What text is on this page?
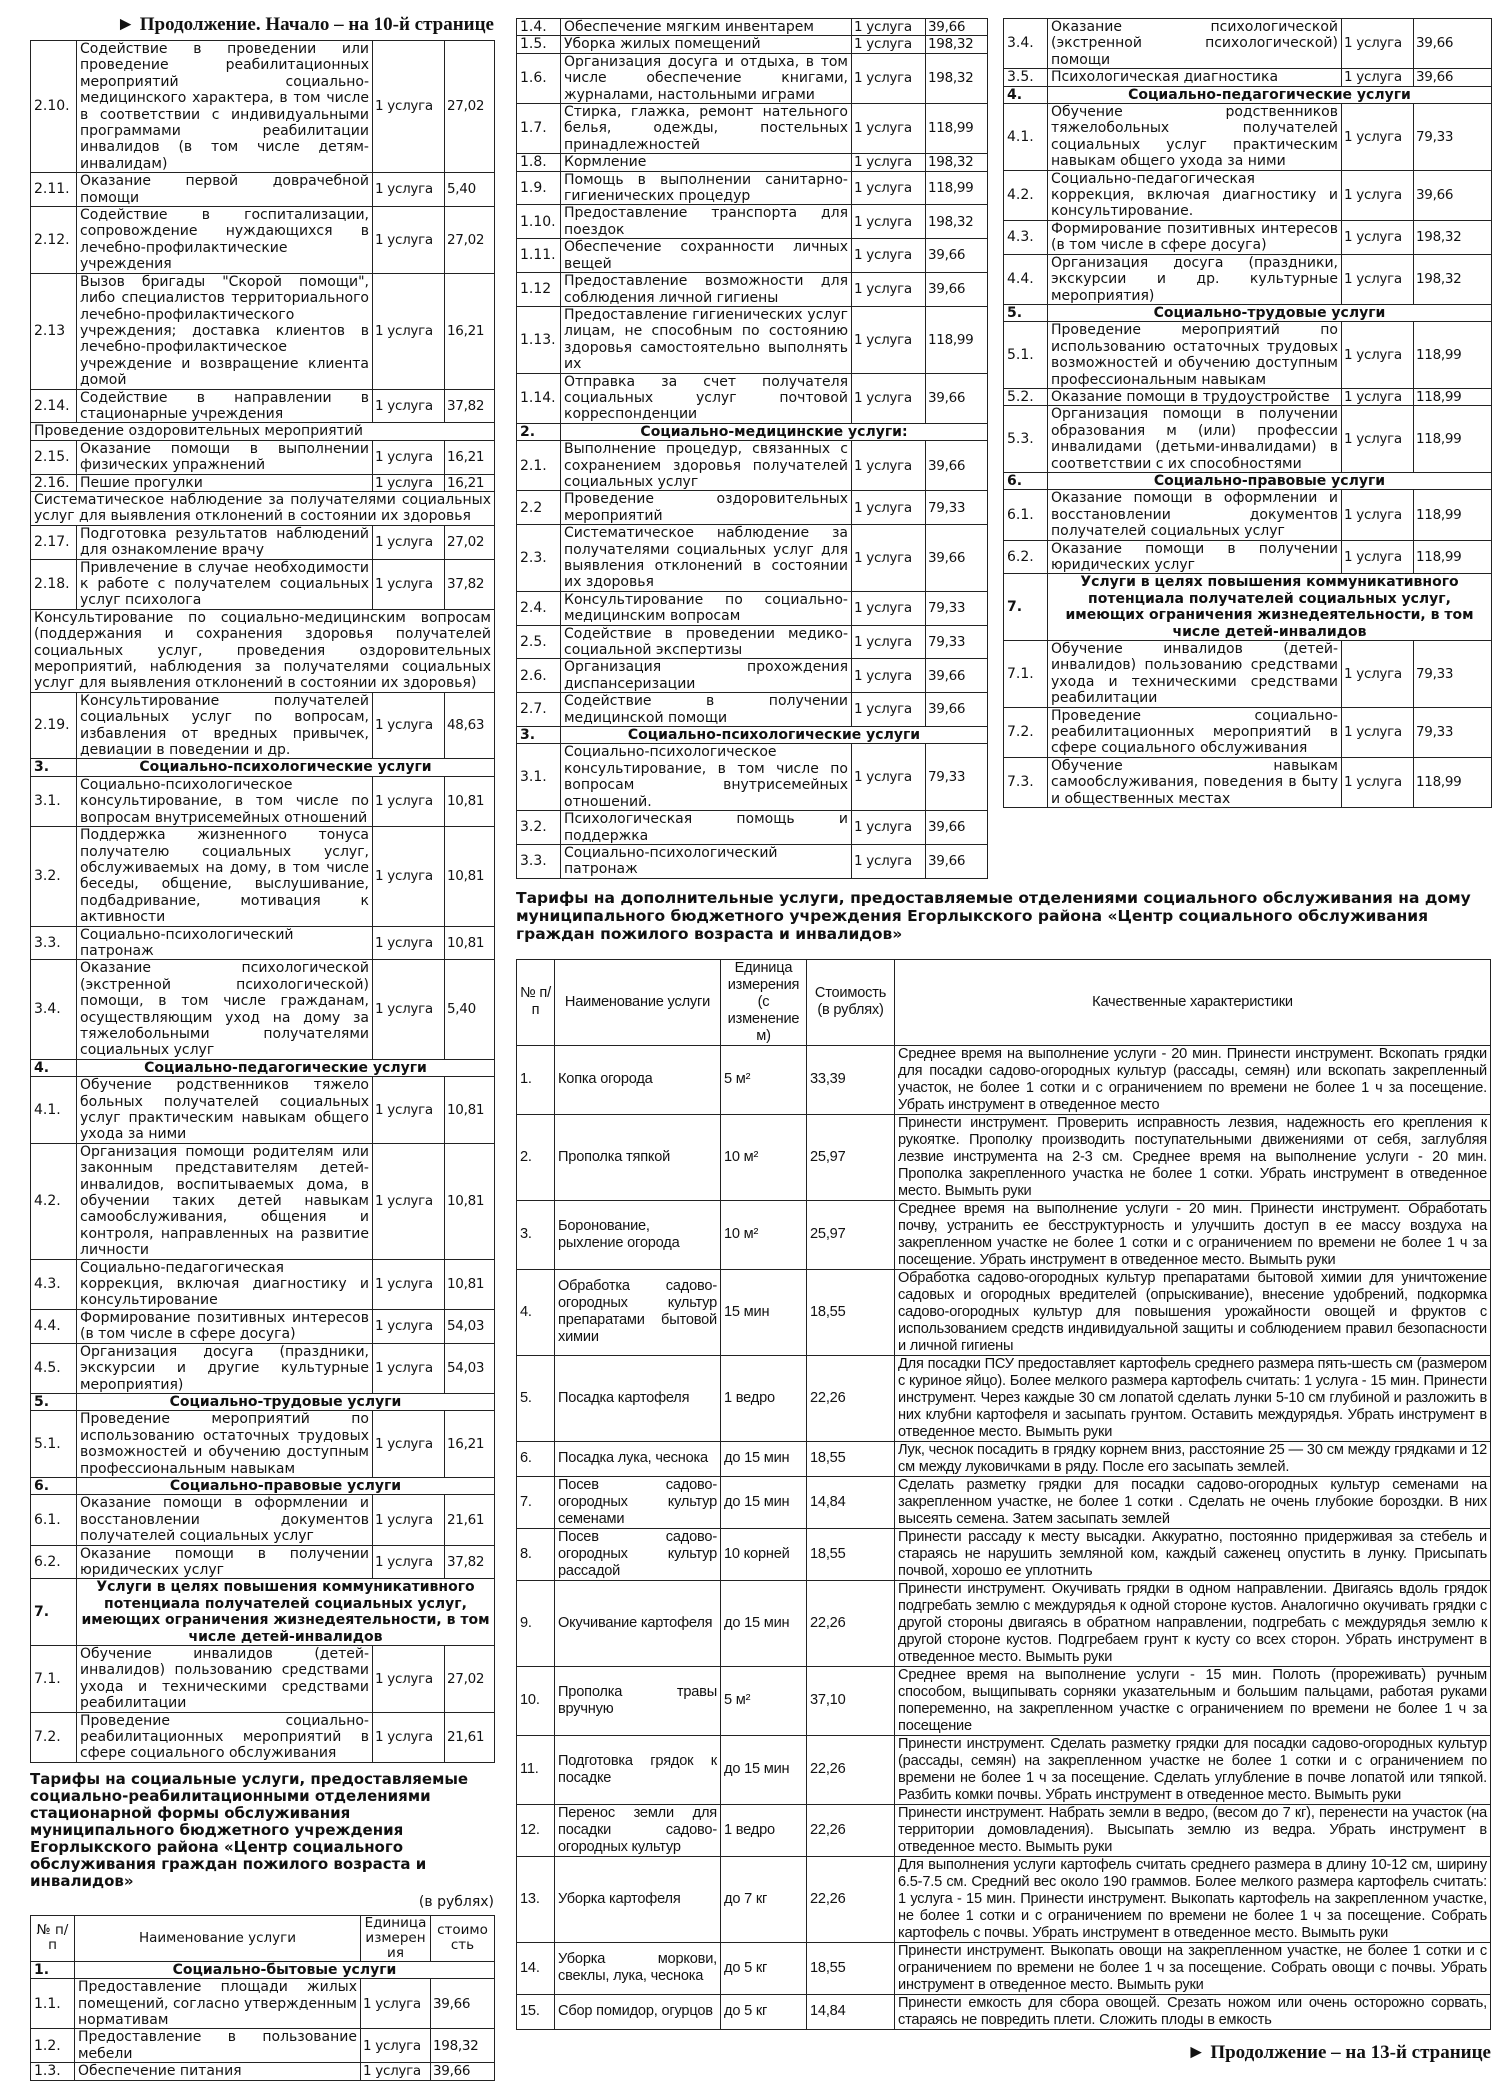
► Продолжение. Начало – на 10-й странице
2.10.	Содействие в проведении или проведение реабилитационных мероприятий социально-медицинского характера, в том числе в соответствии с индивидуальными программами реабилитации инвалидов (в том числе детям-инвалидам)	1 услуга	27,02
2.11.	Оказание первой доврачебной помощи	1 услуга	5,40
2.12.	Содействие в госпитализации, сопровождение нуждающихся в лечебно-профилактические учреждения	1 услуга	27,02
2.13	Вызов бригады "Скорой помощи", либо специалистов территориального лечебно-профилактического учреждения; доставка клиентов в лечебно-профилактическое учреждение и возвращение клиента домой	1 услуга	16,21
2.14.	Содействие в направлении в стационарные учреждения	1 услуга	37,82
Проведение оздоровительных мероприятий			
2.15.	Оказание помощи в выполнении физических упражнений	1 услуга	16,21
2.16.	Пешие прогулки	1 услуга	16,21
Систематическое наблюдение за получателями социальных услуг для выявления отклонений в состоянии их здоровья			
2.17.	Подготовка результатов наблюдений для ознакомление врачу	1 услуга	27,02
2.18.	Привлечение в случае необходимости к работе с получателем социальных услуг психолога	1 услуга	37,82
Консультирование по социально-медицинским вопросам (поддержания и сохранения здоровья получателей социальных услуг, проведения оздоровительных мероприятий, наблюдения за получателями социальных услуг для выявления отклонений в состоянии их здоровья)			
2.19.	Консультирование получателей социальных услуг по вопросам, избавления от вредных привычек, девиации в поведении и др.	1 услуга	48,63
3.	Социально-психологические услуги		
3.1.	Социально-психологическое консультирование, в том числе по вопросам внутрисемейных отношений	1 услуга	10,81
3.2.	Поддержка жизненного тонуса получателю социальных услуг, обслуживаемых на дому, в том числе беседы, общение, выслушивание, подбадривание, мотивация к активности	1 услуга	10,81
3.3.	Социально-психологический патронаж	1 услуга	10,81
3.4.	Оказание психологической (экстренной психологической) помощи, в том числе гражданам, осуществляющим уход на дому за тяжелобольными получателями социальных услуг	1 услуга	5,40
4.	Социально-педагогические услуги		
4.1.	Обучение родственников тяжело больных получателей социальных услуг практическим навыкам общего ухода за ними	1 услуга	10,81
4.2.	Организация помощи родителям или законным представителям детей-инвалидов, воспитываемых дома, в обучении таких детей навыкам самообслуживания, общения и контроля, направленных на развитие личности	1 услуга	10,81
4.3.	Социально-педагогическая коррекция, включая диагностику и консультирование	1 услуга	10,81
4.4.	Формирование позитивных интересов (в том числе в сфере досуга)	1 услуга	54,03
4.5.	Организация досуга (праздники, экскурсии и другие культурные мероприятия)	1 услуга	54,03
5.	Социально-трудовые услуги		
5.1.	Проведение мероприятий по использованию остаточных трудовых возможностей и обучению доступным профессиональным навыкам	1 услуга	16,21
6.	Социально-правовые услуги		
6.1.	Оказание помощи в оформлении и восстановлении документов получателей социальных услуг	1 услуга	21,61
6.2.	Оказание помощи в получении юридических услуг	1 услуга	37,82
7.	Услуги в целях повышения коммуникативного потенциала получателей социальных услуг, имеющих ограничения жизнедеятельности, в том числе детей-инвалидов		
7.1.	Обучение инвалидов (детей-инвалидов) пользованию средствами ухода и техническими средствами реабилитации	1 услуга	27,02
7.2.	Проведение социально-реабилитационных мероприятий в сфере социального обслуживания	1 услуга	21,61
Тарифы на социальные услуги, предоставляемые социально-реабилитационными отделениями стационарной формы обслуживания муниципального бюджетного учреждения Егорлыкского района «Центр социального обслуживания граждан пожилого возраста и инвалидов»
(в рублях)
№ п/п	Наименование услуги	Единица измерения	стоимость
1.	Социально-бытовые услуги		
1.1.	Предоставление площади жилых помещений, согласно утвержденным нормативам	1 услуга	39,66
1.2.	Предоставление в пользование мебели	1 услуга	198,32
1.3.	Обеспечение питания	1 услуга	39,66
1.4.	Обеспечение мягким инвентарем	1 услуга	39,66
1.5.	Уборка жилых помещений	1 услуга	198,32
1.6.	Организация досуга и отдыха, в том числе обеспечение книгами, журналами, настольными играми	1 услуга	198,32
1.7.	Стирка, глажка, ремонт нательного белья, одежды, постельных принадлежностей	1 услуга	118,99
1.8.	Кормление	1 услуга	198,32
1.9.	Помощь в выполнении санитарно-гигиенических процедур	1 услуга	118,99
1.10.	Предоставление транспорта для поездок	1 услуга	198,32
1.11.	Обеспечение сохранности личных вещей	1 услуга	39,66
1.12	Предоставление возможности для соблюдения личной гигиены	1 услуга	39,66
1.13.	Предоставление гигиенических услуг лицам, не способным по состоянию здоровья самостоятельно выполнять их	1 услуга	118,99
1.14.	Отправка за счет получателя социальных услуг почтовой корреспонденции	1 услуга	39,66
2.	Социально-медицинские услуги:		
2.1.	Выполнение процедур, связанных с сохранением здоровья получателей социальных услуг	1 услуга	39,66
2.2	Проведение оздоровительных мероприятий	1 услуга	79,33
2.3.	Систематическое наблюдение за получателями социальных услуг для выявления отклонений в состоянии их здоровья	1 услуга	39,66
2.4.	Консультирование по социально-медицинским вопросам	1 услуга	79,33
2.5.	Содействие в проведении медико-социальной экспертизы	1 услуга	79,33
2.6.	Организация прохождения диспансеризации	1 услуга	39,66
2.7.	Содействие в получении медицинской помощи	1 услуга	39,66
3.	Социально-психологические услуги		
3.1.	Социально-психологическое консультирование, в том числе по вопросам внутрисемейных отношений.	1 услуга	79,33
3.2.	Психологическая помощь и поддержка	1 услуга	39,66
3.3.	Социально-психологический патронаж	1 услуга	39,66
3.4.	Оказание психологической (экстренной психологической) помощи	1 услуга	39,66
3.5.	Психологическая диагностика	1 услуга	39,66
4.	Социально-педагогические услуги		
4.1.	Обучение родственников тяжелобольных получателей социальных услуг практическим навыкам общего ухода за ними	1 услуга	79,33
4.2.	Социально-педагогическая коррекция, включая диагностику и консультирование.	1 услуга	39,66
4.3.	Формирование позитивных интересов (в том числе в сфере досуга)	1 услуга	198,32
4.4.	Организация досуга (праздники, экскурсии и др. культурные мероприятия)	1 услуга	198,32
5.	Социально-трудовые услуги		
5.1.	Проведение мероприятий по использованию остаточных трудовых возможностей и обучению доступным профессиональным навыкам	1 услуга	118,99
5.2.	Оказание помощи в трудоустройстве	1 услуга	118,99
5.3.	Организация помощи в получении образования м (или) профессии инвалидами (детьми-инвалидами) в соответствии с их способностями	1 услуга	118,99
6.	Социально-правовые услуги		
6.1.	Оказание помощи в оформлении и восстановлении документов получателей социальных услуг	1 услуга	118,99
6.2.	Оказание помощи в получении юридических услуг	1 услуга	118,99
7.	Услуги в целях повышения коммуникативного потенциала получателей социальных услуг, имеющих ограничения жизнедеятельности, в том числе детей-инвалидов		
7.1.	Обучение инвалидов (детей-инвалидов) пользованию средствами ухода и техническими средствами реабилитации	1 услуга	79,33
7.2.	Проведение социально-реабилитационных мероприятий в сфере социального обслуживания	1 услуга	79,33
7.3.	Обучение навыкам самообслуживания, поведения в быту и общественных местах	1 услуга	118,99
Тарифы на дополнительные услуги, предоставляемые отделениями социального обслуживания на дому муниципального бюджетного учреждения Егорлыкского района «Центр социального обслуживания граждан пожилого возраста и инвалидов»
№ п/п	Наименование услуги	Единица измерения (с изменением)	Стоимость (в рублях)	Качественные характеристики
1.	Копка огорода	5 м²	33,39	Среднее время на выполнение услуги - 20 мин. Принести инструмент. Вскопать грядки для посадки садово-огородных культур (рассады, семян) или вскопать закрепленный участок, не более 1 сотки и с ограничением по времени не более 1 ч за посещение. Убрать инструмент в отведенное место
2.	Прополка тяпкой	10 м²	25,97	Принести инструмент. Проверить исправность лезвия, надежность его крепления к рукоятке. Прополку производить поступательными движениями от себя, заглубляя лезвие инструмента на 2-3 см. Среднее время на выполнение услуги - 20 мин. Прополка закрепленного участка не более 1 сотки. Убрать инструмент в отведенное место. Вымыть руки
3.	Боронование, рыхление огорода	10 м²	25,97	Среднее время на выполнение услуги - 20 мин. Принести инструмент. Обработать почву, устранить ее бесструктурность и улучшить доступ в ее массу воздуха на закрепленном участке не более 1 сотки и с ограничением по времени не более 1 ч за посещение. Убрать инструмент в отведенное место. Вымыть руки
4.	Обработка садово-огородных культур препаратами бытовой химии	15 мин	18,55	Обработка садово-огородных культур препаратами бытовой химии для уничтожение садовых и огородных вредителей (опрыскивание), внесение удобрений, подкормка садово-огородных культур для повышения урожайности овощей и фруктов с использованием средств индивидуальной защиты и соблюдением правил безопасности и личной гигиены
5.	Посадка картофеля	1 ведро	22,26	Для посадки ПСУ предоставляет картофель среднего размера пять-шесть см (размером с куриное яйцо). Более мелкого размера картофель считать: 1 услуга - 15 мин. Принести инструмент. Через каждые 30 см лопатой сделать лунки 5-10 см глубиной и разложить в них клубни картофеля и засыпать грунтом. Оставить междурядья. Убрать инструмент в отведенное место. Вымыть руки
6.	Посадка лука, чеснока	до 15 мин	18,55	Лук, чеснок посадить в грядку корнем вниз, расстояние 25 — 30 см между грядками и 12 см между луковичками в ряду. После его засыпать землей.
7.	Посев садово-огородных культур семенами	до 15 мин	14,84	Сделать разметку грядки для посадки садово-огородных культур семенами на закрепленном участке, не более 1 сотки . Сделать не очень глубокие бороздки. В них высеять семена. Затем засыпать землей
8.	Посев садово-огородных культур рассадой	10 корней	18,55	Принести рассаду к месту высадки. Аккуратно, постоянно придерживая за стебель и стараясь не нарушить земляной ком, каждый саженец опустить в лунку. Присыпать почвой, хорошо ее уплотнить
9.	Окучивание картофеля	до 15 мин	22,26	Принести инструмент. Окучивать грядки в одном направлении. Двигаясь вдоль грядок подгребать землю с междурядья к одной стороне кустов. Аналогично окучивать грядки с другой стороны двигаясь в обратном направлении, подгребать с междурядья землю к другой стороне кустов. Подгребаем грунт к кусту со всех сторон. Убрать инструмент в отведенное место. Вымыть руки
10.	Прополка травы вручную	5 м²	37,10	Среднее время на выполнение услуги - 15 мин. Полоть (прореживать) ручным способом, выщипывать сорняки указательным и большим пальцами, работая руками попеременно, на закрепленном участке с ограничением по времени не более 1 ч за посещение
11.	Подготовка грядок к посадке	до 15 мин	22,26	Принести инструмент. Сделать разметку грядки для посадки садово-огородных культур (рассады, семян) на закрепленном участке не более 1 сотки и с ограничением по времени не более 1 ч за посещение. Сделать углубление в почве лопатой или тяпкой. Разбить комки почвы. Убрать инструмент в отведенное место. Вымыть руки
12.	Перенос земли для посадки садово-огородных культур	1 ведро	22,26	Принести инструмент. Набрать земли в ведро, (весом до 7 кг), перенести на участок (на территории домовладения). Высыпать землю из ведра. Убрать инструмент в отведенное место. Вымыть руки
13.	Уборка картофеля	до 7 кг	22,26	Для выполнения услуги картофель считать среднего размера в длину 10-12 см, ширину 6.5-7.5 см. Средний вес около 190 граммов. Более мелкого размера картофель считать: 1 услуга - 15 мин. Принести инструмент. Выкопать картофель на закрепленном участке, не более 1 сотки и с ограничением по времени не более 1 ч за посещение. Собрать картофель с почвы. Убрать инструмент в отведенное место. Вымыть руки
14.	Уборка моркови, свеклы, лука, чеснока	до 5 кг	18,55	Принести инструмент. Выкопать овощи на закрепленном участке, не более 1 сотки и с ограничением по времени не более 1 ч за посещение. Собрать овощи с почвы. Убрать инструмент в отведенное место. Вымыть руки
15.	Сбор помидор, огурцов	до 5 кг	14,84	Принести емкость для сбора овощей. Срезать ножом или очень осторожно сорвать, стараясь не повредить плети. Сложить плоды в емкость
► Продолжение – на 13-й странице
